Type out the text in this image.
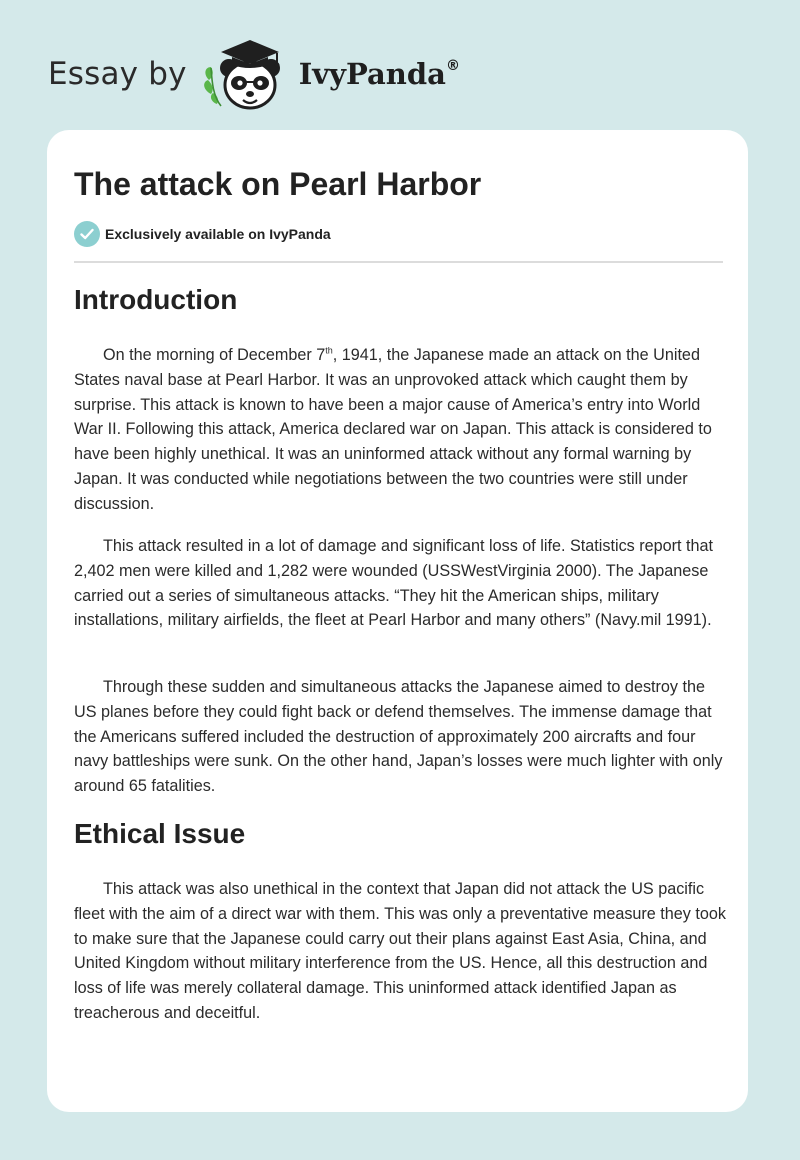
Essay by	IvyPanda®
The attack on Pearl Harbor
Exclusively available on IvyPanda
Introduction

On the morning of December 7th, 1941, the Japanese made an attack on the United States naval base at Pearl Harbor. It was an unprovoked attack which caught them by surprise. This attack is known to have been a major cause of America’s entry into World War II. Following this attack, America declared war on Japan. This attack is considered to have been highly unethical. It was an uninformed attack without any formal warning by Japan. It was conducted while negotiations between the two countries were still under discussion.

This attack resulted in a lot of damage and significant loss of life. Statistics report that 2,402 men were killed and 1,282 were wounded (USSWestVirginia 2000). The Japanese carried out a series of simultaneous attacks. “They hit the American ships, military installations, military airfields, the fleet at Pearl Harbor and many others” (Navy.mil 1991).

Through these sudden and simultaneous attacks the Japanese aimed to destroy the US planes before they could fight back or defend themselves. The immense damage that the Americans suffered included the destruction of approximately 200 aircrafts and four navy battleships were sunk. On the other hand, Japan’s losses were much lighter with only around 65 fatalities.

Ethical Issue

This attack was also unethical in the context that Japan did not attack the US pacific fleet with the aim of a direct war with them. This was only a preventative measure they took to make sure that the Japanese could carry out their plans against East Asia, China, and United Kingdom without military interference from the US. Hence, all this destruction and loss of life was merely collateral damage. This uninformed attack identified Japan as treacherous and deceitful.
